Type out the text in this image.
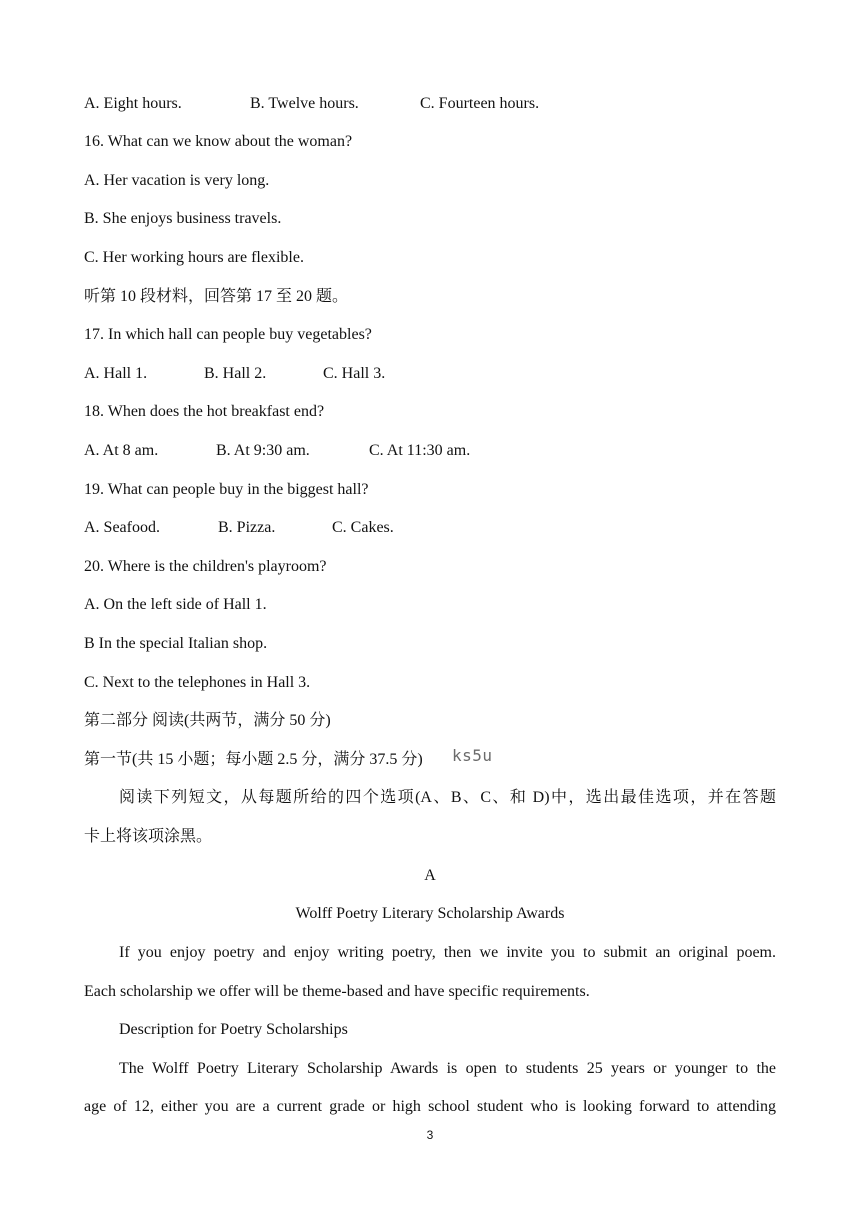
A. Eight hours.	B. Twelve hours.	C. Fourteen hours.
16. What can we know about the woman?
A. Her vacation is very long.
B. She enjoys business travels.
C. Her working hours are flexible.
听第 10 段材料，回答第 17 至 20 题。
17. In which hall can people buy vegetables?
A. Hall 1.	B. Hall 2.	C. Hall 3.
18. When does the hot breakfast end?
A. At 8 am.	B. At 9:30 am.	C. At 11:30 am.
19. What can people buy in the biggest hall?
A. Seafood.	B. Pizza.	C. Cakes.
20. Where is the children's playroom?
A. On the left side of Hall 1.
B In the special Italian shop.
C. Next to the telephones in Hall 3.
第二部分 阅读(共两节，满分 50 分)
第一节(共 15 小题；每小题 2.5 分，满分 37.5 分) ks5u
阅读下列短文，从每题所给的四个选项(A、B、C、和 D)中，选出最佳选项，并在答题
卡上将该项涂黑。
A
Wolff Poetry Literary Scholarship Awards
If you enjoy poetry and enjoy writing poetry, then we invite you to submit an original poem.
Each scholarship we offer will be theme-based and have specific requirements.
Description for Poetry Scholarships
The Wolff Poetry Literary Scholarship Awards is open to students 25 years or younger to the
age of 12, either you are a current grade or high school student who is looking forward to attending
3
